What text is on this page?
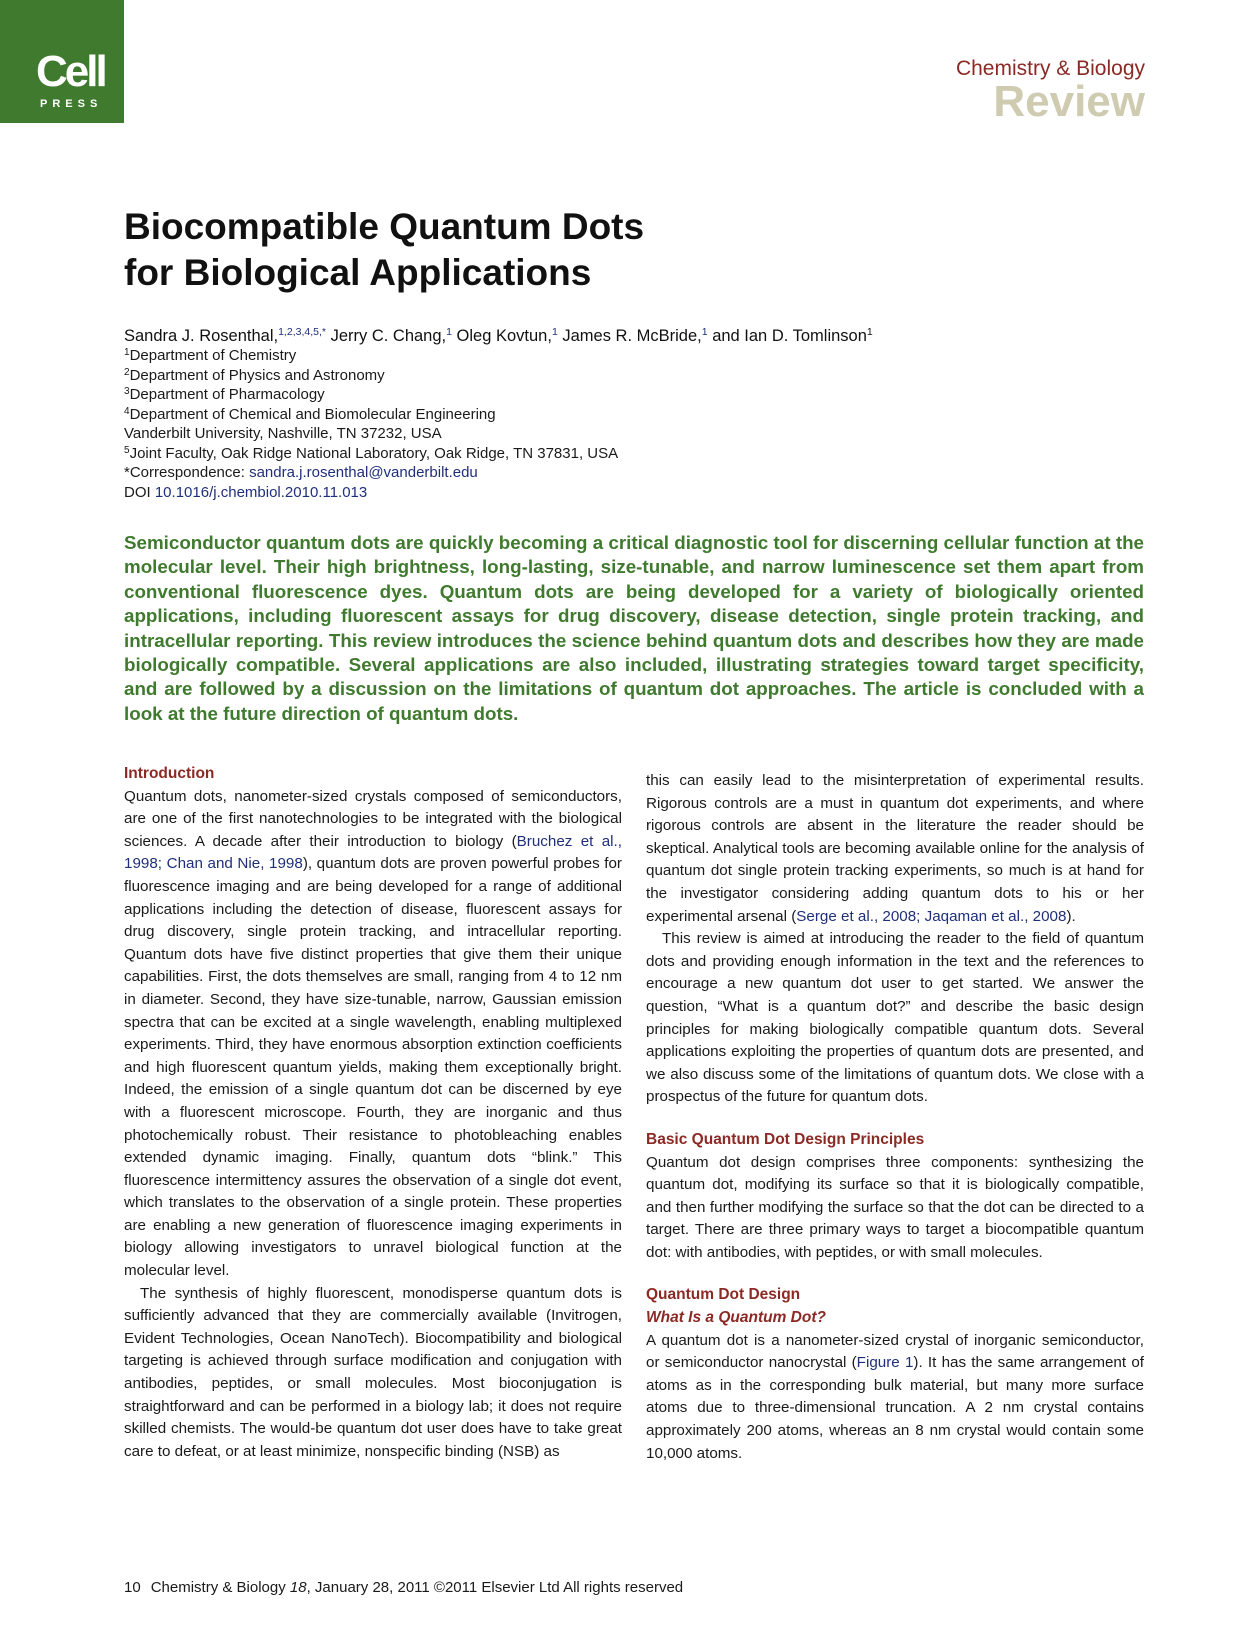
Cell
PRESS
Chemistry & Biology
Review
Biocompatible Quantum Dots
for Biological Applications
Sandra J. Rosenthal,$^{1,2,3,4,5,*}$ Jerry C. Chang,$^1$ Oleg Kovtun,$^1$ James R. McBride,$^1$ and Ian D. Tomlinson$^1$
$^1$Department of Chemistry
$^2$Department of Physics and Astronomy
$^3$Department of Pharmacology
$^4$Department of Chemical and Biomolecular Engineering
Vanderbilt University, Nashville, TN 37232, USA
$^5$Joint Faculty, Oak Ridge National Laboratory, Oak Ridge, TN 37831, USA
*Correspondence: sandra.j.rosenthal@vanderbilt.edu
DOI 10.1016/j.chembiol.2010.11.013

Semiconductor quantum dots are quickly becoming a critical diagnostic tool for discerning cellular function at the molecular level. Their high brightness, long-lasting, size-tunable, and narrow luminescence set them apart from conventional fluorescence dyes. Quantum dots are being developed for a variety of biologically oriented applications, including fluorescent assays for drug discovery, disease detection, single protein tracking, and intracellular reporting. This review introduces the science behind quantum dots and describes how they are made biologically compatible. Several applications are also included, illustrating strategies toward target specificity, and are followed by a discussion on the limitations of quantum dot approaches. The article is concluded with a look at the future direction of quantum dots.

Introduction

Quantum dots, nanometer-sized crystals composed of semiconductors, are one of the first nanotechnologies to be integrated with the biological sciences. A decade after their introduction to biology (Bruchez et al., 1998; Chan and Nie, 1998), quantum dots are proven powerful probes for fluorescence imaging and are being developed for a range of additional applications including the detection of disease, fluorescent assays for drug discovery, single protein tracking, and intracellular reporting. Quantum dots have five distinct properties that give them their unique capabilities. First, the dots themselves are small, ranging from 4 to 12 nm in diameter. Second, they have size-tunable, narrow, Gaussian emission spectra that can be excited at a single wavelength, enabling multiplexed experiments. Third, they have enormous absorption extinction coefficients and high fluorescent quantum yields, making them exceptionally bright. Indeed, the emission of a single quantum dot can be discerned by eye with a fluorescent microscope. Fourth, they are inorganic and thus photochemically robust. Their resistance to photobleaching enables extended dynamic imaging. Finally, quantum dots “blink.” This fluorescence intermittency assures the observation of a single dot event, which translates to the observation of a single protein. These properties are enabling a new generation of fluorescence imaging experiments in biology allowing investigators to unravel biological function at the molecular level.

The synthesis of highly fluorescent, monodisperse quantum dots is sufficiently advanced that they are commercially available (Invitrogen, Evident Technologies, Ocean NanoTech). Biocompatibility and biological targeting is achieved through surface modification and conjugation with antibodies, peptides, or small molecules. Most bioconjugation is straightforward and can be performed in a biology lab; it does not require skilled chemists. The would-be quantum dot user does have to take great care to defeat, or at least minimize, nonspecific binding (NSB) as

this can easily lead to the misinterpretation of experimental results. Rigorous controls are a must in quantum dot experiments, and where rigorous controls are absent in the literature the reader should be skeptical. Analytical tools are becoming available online for the analysis of quantum dot single protein tracking experiments, so much is at hand for the investigator considering adding quantum dots to his or her experimental arsenal (Serge et al., 2008; Jaqaman et al., 2008).

This review is aimed at introducing the reader to the field of quantum dots and providing enough information in the text and the references to encourage a new quantum dot user to get started. We answer the question, “What is a quantum dot?” and describe the basic design principles for making biologically compatible quantum dots. Several applications exploiting the properties of quantum dots are presented, and we also discuss some of the limitations of quantum dots. We close with a prospectus of the future for quantum dots.

Basic Quantum Dot Design Principles

Quantum dot design comprises three components: synthesizing the quantum dot, modifying its surface so that it is biologically compatible, and then further modifying the surface so that the dot can be directed to a target. There are three primary ways to target a biocompatible quantum dot: with antibodies, with peptides, or with small molecules.

Quantum Dot Design
What Is a Quantum Dot?

A quantum dot is a nanometer-sized crystal of inorganic semiconductor, or semiconductor nanocrystal (Figure 1). It has the same arrangement of atoms as in the corresponding bulk material, but many more surface atoms due to three-dimensional truncation. A 2 nm crystal contains approximately 200 atoms, whereas an 8 nm crystal would contain some 10,000 atoms.

10 Chemistry & Biology 18, January 28, 2011 ©2011 Elsevier Ltd All rights reserved
